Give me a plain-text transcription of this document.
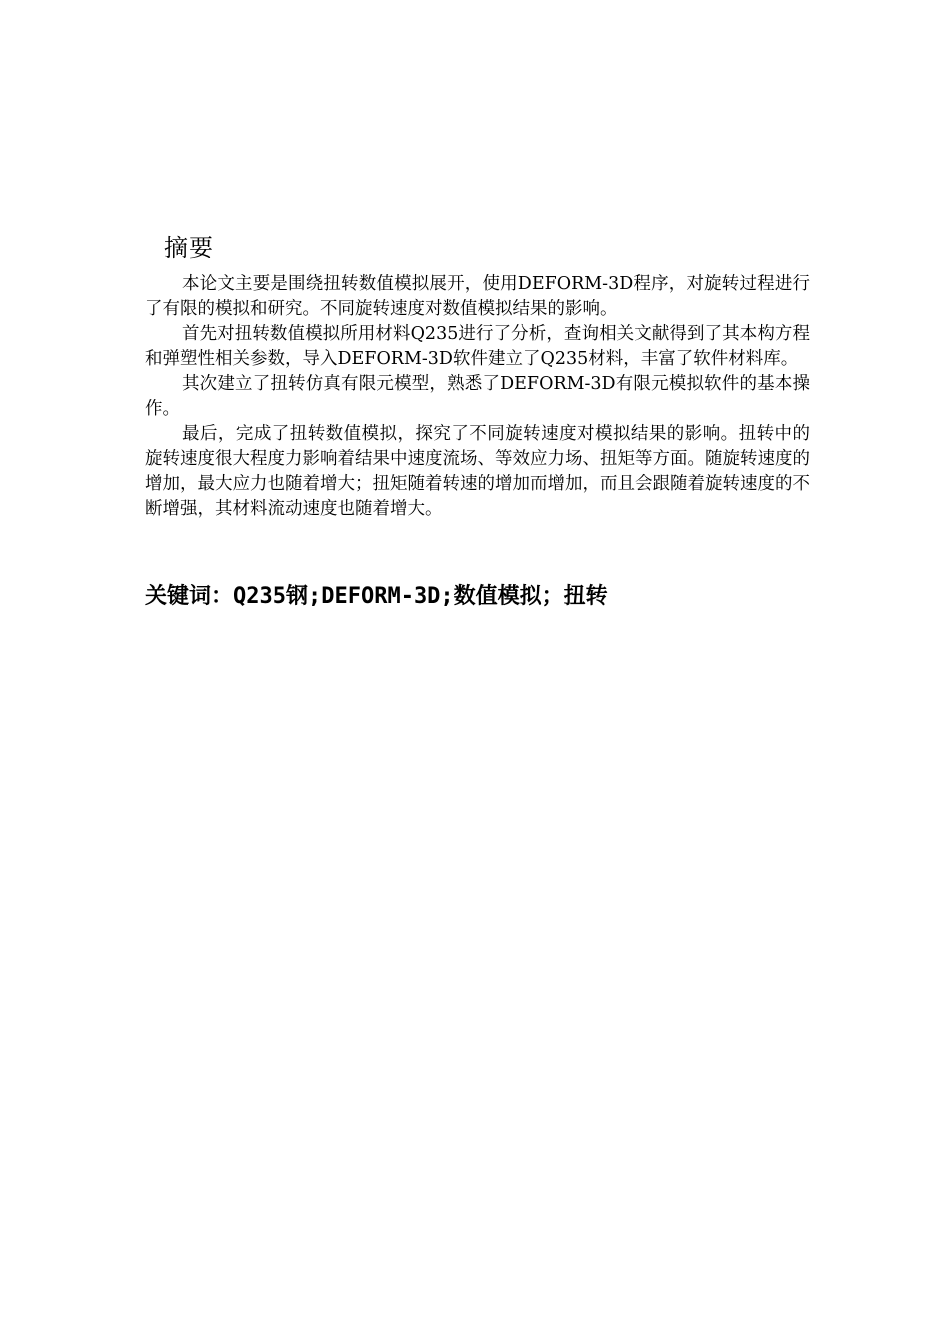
摘要

本论文主要是围绕扭转数值模拟展开，使用DEFORM-3D程序，对旋转过程进行了有限的模拟和研究。不同旋转速度对数值模拟结果的影响。

首先对扭转数值模拟所用材料Q235进行了分析，查询相关文献得到了其本构方程和弹塑性相关参数，导入DEFORM-3D软件建立了Q235材料，丰富了软件材料库。

其次建立了扭转仿真有限元模型，熟悉了DEFORM-3D有限元模拟软件的基本操作。

最后，完成了扭转数值模拟，探究了不同旋转速度对模拟结果的影响。扭转中的旋转速度很大程度力影响着结果中速度流场、等效应力场、扭矩等方面。随旋转速度的增加，最大应力也随着增大；扭矩随着转速的增加而增加，而且会跟随着旋转速度的不断增强，其材料流动速度也随着增大。

关键词：Q235钢;DEFORM-3D;数值模拟；扭转
